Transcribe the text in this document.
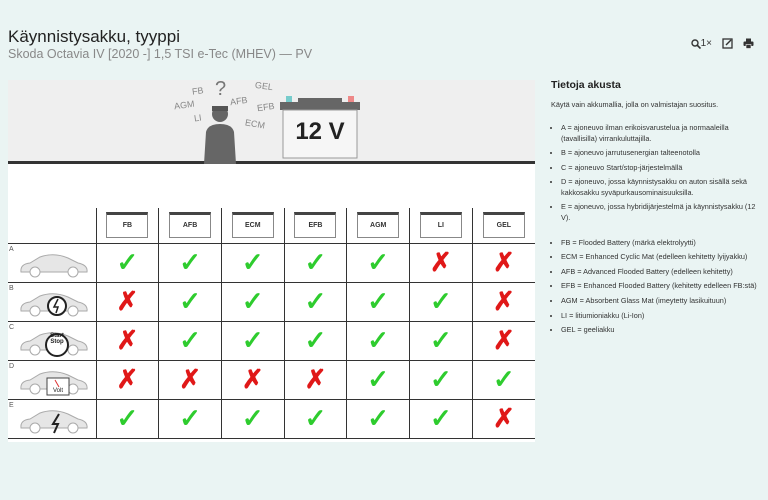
Käynnistysakku, tyyppi
Skoda Octavia IV [2020 -] 1,5 TSI e-Tec (MHEV) — PV
1×
?
FB
AGM
LI
AFB
GEL
EFB
ECM	12 V
	FB	AFB	ECM	EFB	AGM	LI	GEL

A	✓	✓	✓	✓	✓	✗	✗

B	✗	✓	✓	✓	✓	✓	✗

C
Start Stop	✗	✓	✓	✓	✓	✓	✗

D
Volt	✗	✗	✗	✗	✓	✓	✓

E	✓	✓	✓	✓	✓	✓	✗
Tietoja akusta

Käytä vain akkumallia, jolla on valmistajan suositus.

• A = ajoneuvo ilman erikoisvarustelua ja normaaleilla (tavallisilla) virrankuluttajilla.
• B = ajoneuvo jarrutusenergian talteenotolla
• C = ajoneuvo Start/stop-järjestelmällä
• D = ajoneuvo, jossa käynnistysakku on auton sisällä sekä kakkosakku syväpurkausominaisuuksilla.
• E = ajoneuvo, jossa hybridijärjestelmä ja käynnistysakku (12 V).
• FB = Flooded Battery (märkä elektrolyytti)
• ECM = Enhanced Cyclic Mat (edelleen kehitetty lyijyakku)
• AFB = Advanced Flooded Battery (edelleen kehitetty)
• EFB = Enhanced Flooded Battery (kehitetty edelleen FB:stä)
• AGM = Absorbent Glass Mat (imeytetty lasikuituun)
• LI = litiumioniakku (Li-Ion)
• GEL = geeliakku
